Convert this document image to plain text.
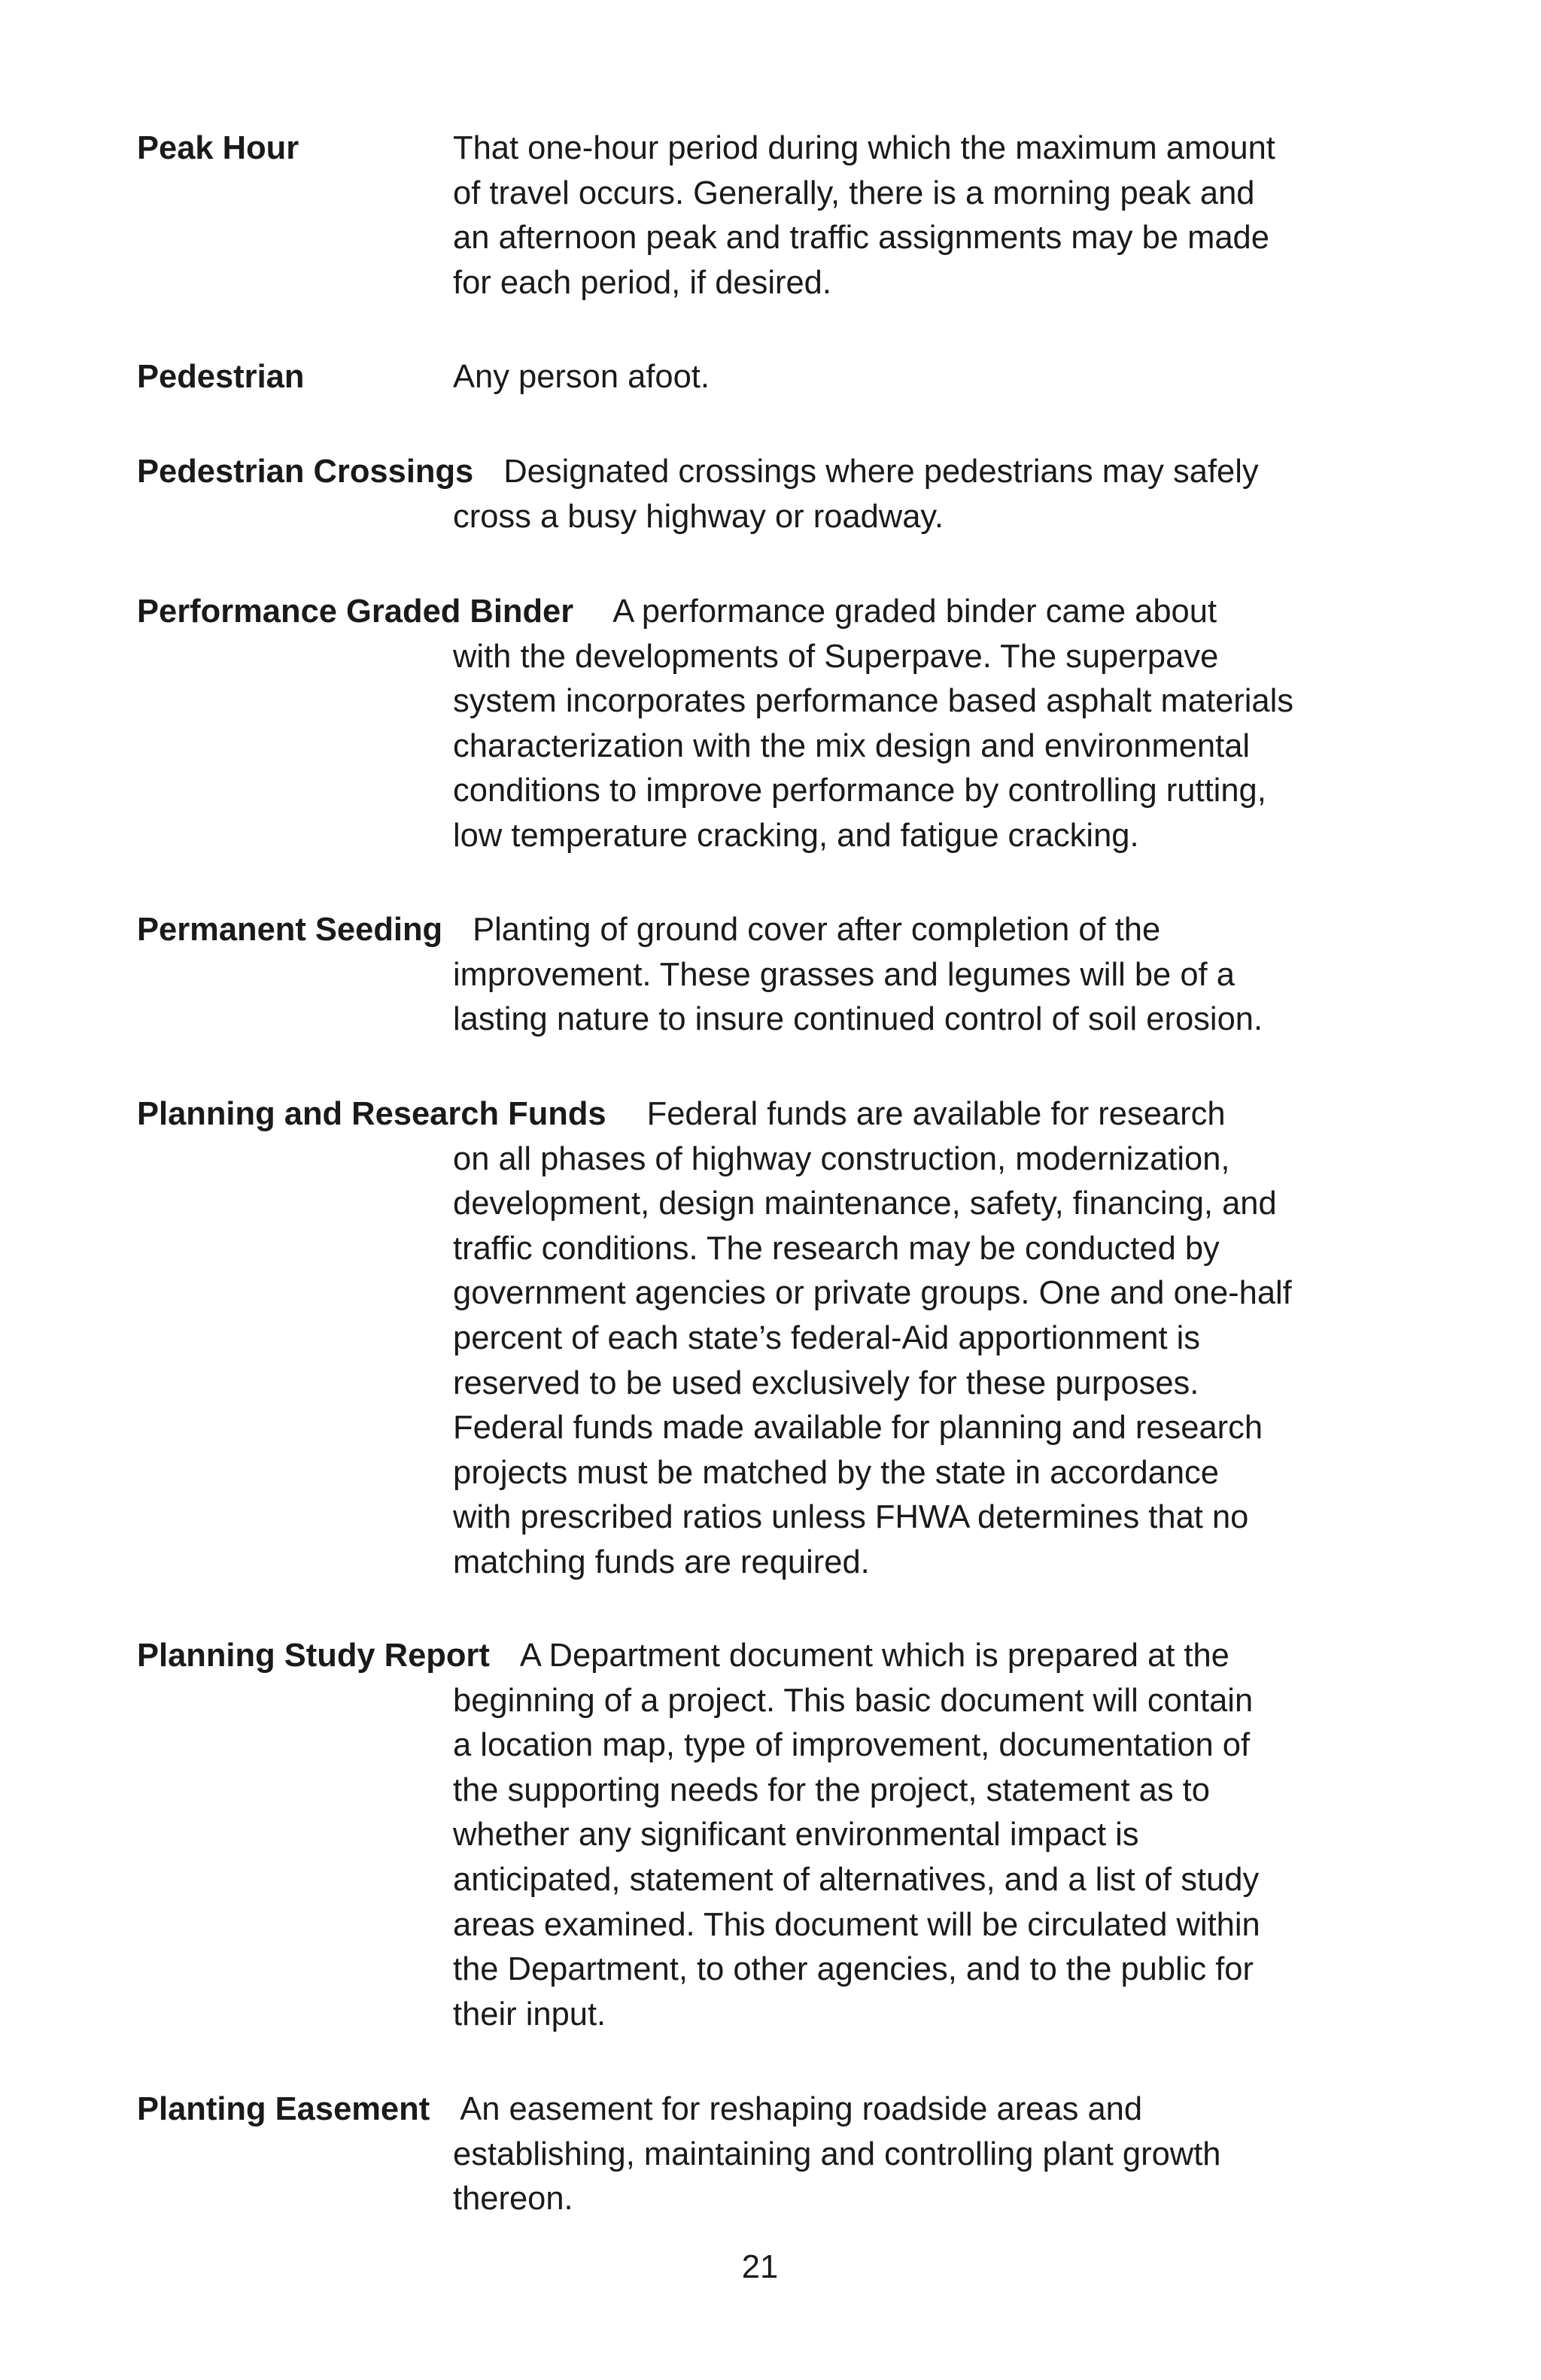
Peak Hour	That one-hour period during which the maximum amount
of travel occurs. Generally, there is a morning peak and
an afternoon peak and traffic assignments may be made
for each period, if desired.
Pedestrian	Any person afoot.
Pedestrian Crossings Designated crossings where pedestrians may safely
cross a busy highway or roadway.
Performance Graded Binder A performance graded binder came about
with the developments of Superpave. The superpave
system incorporates performance based asphalt materials
characterization with the mix design and environmental
conditions to improve performance by controlling rutting,
low temperature cracking, and fatigue cracking.
Permanent Seeding Planting of ground cover after completion of the
improvement. These grasses and legumes will be of a
lasting nature to insure continued control of soil erosion.
Planning and Research Funds Federal funds are available for research
on all phases of highway construction, modernization,
development, design maintenance, safety, financing, and
traffic conditions. The research may be conducted by
government agencies or private groups. One and one-half
percent of each state’s federal-Aid apportionment is
reserved to be used exclusively for these purposes.
Federal funds made available for planning and research
projects must be matched by the state in accordance
with prescribed ratios unless FHWA determines that no
matching funds are required.
Planning Study Report A Department document which is prepared at the
beginning of a project. This basic document will contain
a location map, type of improvement, documentation of
the supporting needs for the project, statement as to
whether any significant environmental impact is
anticipated, statement of alternatives, and a list of study
areas examined. This document will be circulated within
the Department, to other agencies, and to the public for
their input.
Planting Easement An easement for reshaping roadside areas and
establishing, maintaining and controlling plant growth
thereon.
21
